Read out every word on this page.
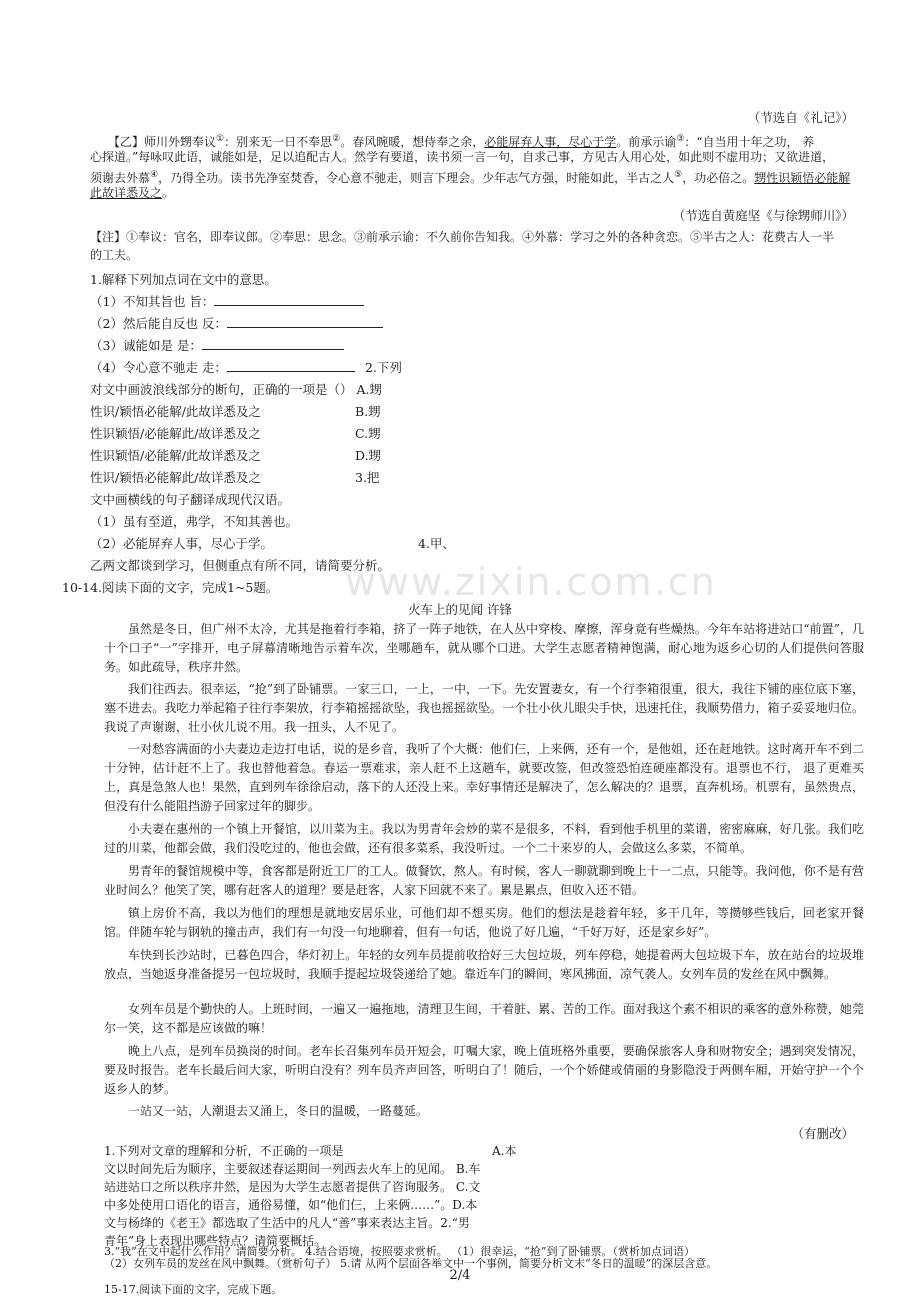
www.zixin.com.cn
（节选自《礼记》）
【乙】师川外甥奉议①：别来无一日不奉思②。春风晼暖，想侍奉之余，必能屏弃人事，尽心于学。前承示谕③：“自当用十年之功， 养
心探道。”每咏叹此语，诚能如是，足以追配古人。然学有要道，读书须一言一句，自求己事，方见古人用心处，如此则不虚用功；又欲进道，
须谢去外慕④，乃得全功。读书先净室焚香，令心意不驰走，则言下理会。少年志气方强，时能如此，半古之人⑤，功必倍之。甥性识颖悟必能解
此故详悉及之。
（节选自黄庭坚《与徐甥师川》）
【注】①奉议：官名，即奉议郎。②奉思：思念。③前承示谕：不久前你告知我。④外慕：学习之外的各种贪恋。⑤半古之人：花费古人一半
的工夫。
1.解释下列加点词在文中的意思。
（1）不知其旨也 旨：
（2）然后能自反也 反：
（3）诚能如是 是：
（4）令心意不驰走 走：	2.下列
对文中画波浪线部分的断句，正确的一项是（） A.甥
性识/颖悟必能解/此故详悉及之	B.甥
性识颖悟/必能解此/故详悉及之	C.甥
性识颖悟/必能解/此故详悉及之	D.甥
性识/颖悟必能解此/故详悉及之	3.把
文中画横线的句子翻译成现代汉语。
（1）虽有至道，弗学，不知其善也。
（2）必能屏弃人事，尽心于学。	4.甲、
乙两文都谈到学习，但侧重点有所不同，请简要分析。
10-14.阅读下面的文字，完成1~5题。
火车上的见闻 许锋
虽然是冬日，但广州不太冷，尤其是拖着行李箱，挤了一阵子地铁，在人丛中穿梭、摩擦，浑身竟有些燥热。今年车站将进站口“前置”，几十个口子“一”字排开，电子屏幕清晰地告示着车次，坐哪趟车，就从哪个口进。大学生志愿者精神饱满，耐心地为返乡心切的人们提供问答服务。如此疏导，秩序井然。
我们往西去。很幸运，“抢”到了卧铺票。一家三口，一上，一中，一下。先安置妻女，有一个行李箱很重，很大，我往下铺的座位底下塞，塞不进去。我吃力举起箱子往行李架放，行李箱摇摇欲坠，我也摇摇欲坠。一个壮小伙儿眼尖手快，迅速托住，我顺势借力，箱子妥妥地归位。我说了声谢谢，壮小伙儿说不用。我一扭头，人不见了。
一对愁容满面的小夫妻边走边打电话，说的是乡音，我听了个大概：他们仨，上来俩，还有一个，是他姐，还在赶地铁。这时离开车不到二十分钟，估计赶不上了。我也替他着急。春运一票难求，亲人赶不上这趟车，就要改签，但改签恐怕连硬座都没有。退票也不行， 退了更难买上，真是急煞人也！果然，直到列车徐徐启动，落下的人还没上来。幸好事情还是解决了，怎么解决的？退票，直奔机场。机票有，虽然贵点，但没有什么能阻挡游子回家过年的脚步。
小夫妻在惠州的一个镇上开餐馆，以川菜为主。我以为男青年会炒的菜不是很多，不料，看到他手机里的菜谱，密密麻麻，好几张。我们吃过的川菜，他都会做，我们没吃过的，他也会做，还有很多菜系，我没听过。一个二十来岁的人，会做这么多菜，不简单。
男青年的餐馆规模中等，食客都是附近工厂的工人。做餐饮，熬人。有时候，客人一聊就聊到晚上十一二点，只能等。我问他，你不是有营业时间么？他笑了笑，哪有赶客人的道理？要是赶客，人家下回就不来了。累是累点，但收入还不错。
镇上房价不高，我以为他们的理想是就地安居乐业，可他们却不想买房。他们的想法是趁着年轻，多干几年，等攒够些钱后，回老家开餐馆。伴随车轮与钢轨的撞击声，我们有一句没一句地聊着，但有一句话，他说了好几遍，“千好万好，还是家乡好”。
车快到长沙站时，已暮色四合，华灯初上。年轻的女列车员提前收拾好三大包垃圾，列车停稳，她提着两大包垃圾下车，放在站台的垃圾堆放点，当她返身准备提另一包垃圾时，我顺手提起垃圾袋递给了她。靠近车门的瞬间，寒风拂面，凉气袭人。女列车员的发丝在风中飘舞。
女列车员是个勤快的人。上班时间，一遍又一遍拖地，清理卫生间，干着脏、累、苦的工作。面对我这个素不相识的乘客的意外称赞，她莞尔一笑，这不都是应该做的嘛！
晚上八点，是列车员换岗的时间。老车长召集列车员开短会，叮嘱大家，晚上值班格外重要，要确保旅客人身和财物安全；遇到突发情况，要及时报告。老车长最后问大家，听明白没有？列车员齐声回答，听明白了！随后，一个个娇健或倩丽的身影隐没于两侧车厢，开始守护一个个返乡人的梦。
一站又一站，人潮退去又涌上，冬日的温暖，一路蔓延。
（有删改）
1.下列对文章的理解和分析，不正确的一项是	A.本
文以时间先后为顺序，主要叙述春运期间一列西去火车上的见闻。 B.车
站进站口之所以秩序井然，是因为大学生志愿者提供了咨询服务。 C.文
中多处使用口语化的语言，通俗易懂，如“他们仨，上来俩……”。D.本
文与杨绛的《老王》都选取了生活中的凡人“善”事来表达主旨。2.“男
青年”身上表现出哪些特点？请简要概括。
2/4
3.“我”在文中起什么作用？请简要分析。 4.结合语境，按照要求赏析。 （1）很幸运，“抢”到了卧铺票。（赏析加点词语）
（2）女列车员的发丝在风中飘舞。（赏析句子） 5.请 从两个层面各举文中一个事例，简要分析文末“冬日的温暖”的深层含意。
15-17.阅读下面的文字，完成下题。
